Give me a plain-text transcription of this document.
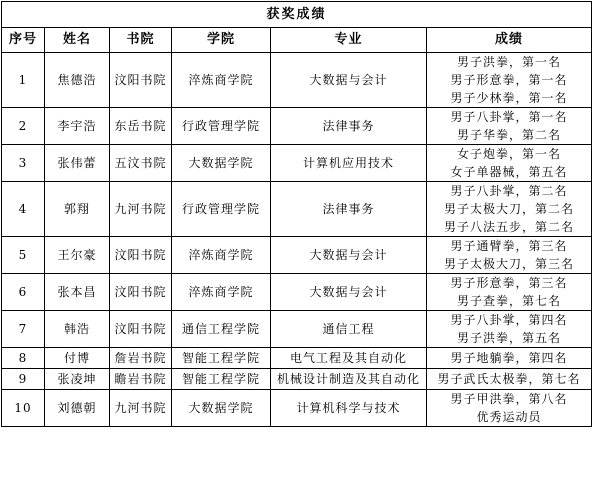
获奖成绩					
序号	姓名	书院	学院	专业	成绩
1	焦德浩	汶阳书院	淬炼商学院	大数据与会计	男子洪拳，第一名
男子形意拳，第一名
男子少林拳，第一名

2	李宇浩	东岳书院	行政管理学院	法律事务	男子八卦掌，第一名
男子华拳，第二名

3	张伟蕾	五汶书院	大数据学院	计算机应用技术	女子炮拳，第一名
女子单器械，第五名

4	郭翔	九河书院	行政管理学院	法律事务	男子八卦掌，第二名
男子太极大刀，第二名
男子八法五步，第二名

5	王尔豪	汶阳书院	淬炼商学院	大数据与会计	男子通臂拳，第三名
男子太极大刀，第三名

6	张本昌	汶阳书院	淬炼商学院	大数据与会计	男子形意拳，第三名
男子查拳，第七名

7	韩浩	汶阳书院	通信工程学院	通信工程	男子八卦掌，第四名
男子洪拳，第五名

8	付博	詹岩书院	智能工程学院	电气工程及其自动化	男子地躺拳，第四名

9	张凌坤	瞻岩书院	智能工程学院	机械设计制造及其自动化	男子武氏太极拳，第七名

10	刘德朝	九河书院	大数据学院	计算机科学与技术	男子甲洪拳，第八名
优秀运动员
